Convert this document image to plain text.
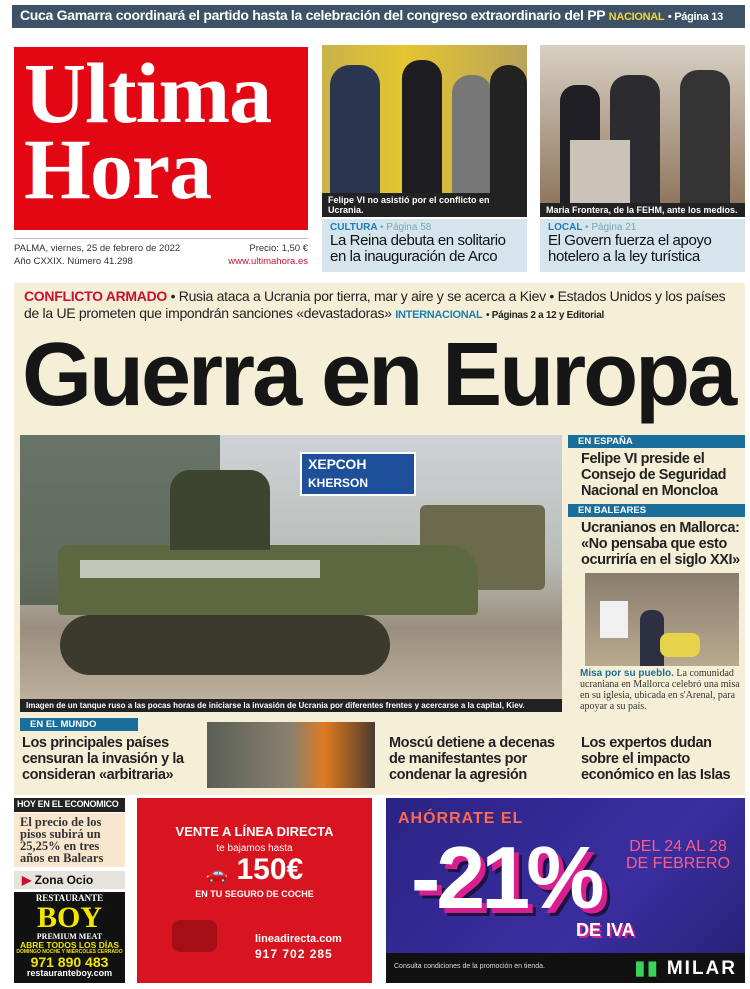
Cuca Gamarra coordinará el partido hasta la celebración del congreso extraordinario del PP NACIONAL • Página 13
Ultima
Hora
PALMA, viernes, 25 de febrero de 2022	Precio: 1,50 €
Año CXXIX. Número 41.298	www.ultimahora.es
Felipe VI no asistió por el conflicto en Ucrania.	Maria Frontera, de la FEHM, ante los medios.
CULTURA • Página 58
La Reina debuta en solitario en la inauguración de Arco
LOCAL • Página 21
El Govern fuerza el apoyo hotelero a la ley turística
CONFLICTO ARMADO • Rusia ataca a Ucrania por tierra, mar y aire y se acerca a Kiev • Estados Unidos y los países de la UE prometen que impondrán sanciones «devastadoras» INTERNACIONAL • Páginas 2 a 12 y Editorial
Guerra en Europa
ХЕРСОН
KHERSON
Imagen de un tanque ruso a las pocas horas de iniciarse la invasión de Ucrania por diferentes frentes y acercarse a la capital, Kiev.
EN ESPAÑA
Felipe VI preside el Consejo de Seguridad Nacional en Moncloa
EN BALEARES
Ucranianos en Mallorca: «No pensaba que esto ocurriría en el siglo XXI»
Misa por su pueblo. La comunidad ucraniana en Mallorca celebró una misa en su iglesia, ubicada en s'Arenal, para apoyar a su país.
EN EL MUNDO
Los principales países censuran la invasión y la consideran «arbitraria»
Moscú detiene a decenas de manifestantes por condenar la agresión
Los expertos dudan sobre el impacto económico en las Islas
HOY EN EL ECONOMICO
El precio de los pisos subirá un 25,25% en tres años en Balears
▶ Zona Ocio
RESTAURANTE
BOY
PREMIUM MEAT
ABRE TODOS LOS DÍAS
DOMINGO NOCHE Y MIÉRCOLES CERRADO
971 890 483
restauranteboy.com
VENTE A LÍNEA DIRECTA
te bajamos hasta
🚗 150€
EN TU SEGURO DE COCHE
lineadirecta.com
917 702 285
AHÓRRATE EL
-21%
DE IVA
DEL 24 AL 28
DE FEBRERO
Consulta condiciones de la promoción en tienda.	▮▮ MILAR
